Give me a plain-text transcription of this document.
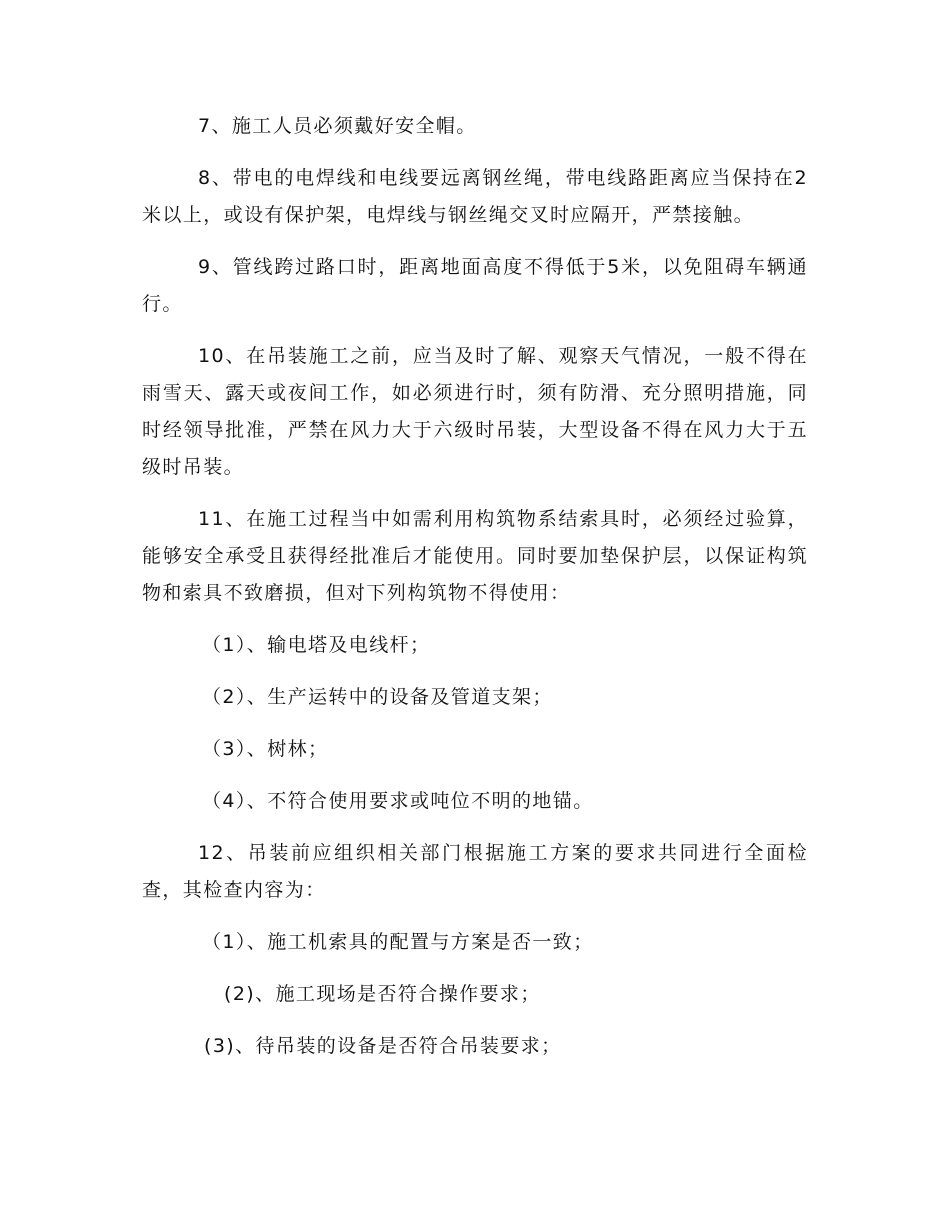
7、施工人员必须戴好安全帽。

8、带电的电焊线和电线要远离钢丝绳，带电线路距离应当保持在2米以上，或设有保护架，电焊线与钢丝绳交叉时应隔开，严禁接触。

9、管线跨过路口时，距离地面高度不得低于5米，以免阻碍车辆通行。

10、在吊装施工之前，应当及时了解、观察天气情况，一般不得在雨雪天、露天或夜间工作，如必须进行时，须有防滑、充分照明措施，同时经领导批准，严禁在风力大于六级时吊装，大型设备不得在风力大于五级时吊装。

11、在施工过程当中如需利用构筑物系结索具时，必须经过验算，能够安全承受且获得经批准后才能使用。同时要加垫保护层，以保证构筑物和索具不致磨损，但对下列构筑物不得使用：

（1）、输电塔及电线杆；

（2）、生产运转中的设备及管道支架；

（3）、树林；

（4）、不符合使用要求或吨位不明的地锚。

12、吊装前应组织相关部门根据施工方案的要求共同进行全面检查，其检查内容为：

（1）、施工机索具的配置与方案是否一致；

(2)、施工现场是否符合操作要求；

(3)、待吊装的设备是否符合吊装要求；
